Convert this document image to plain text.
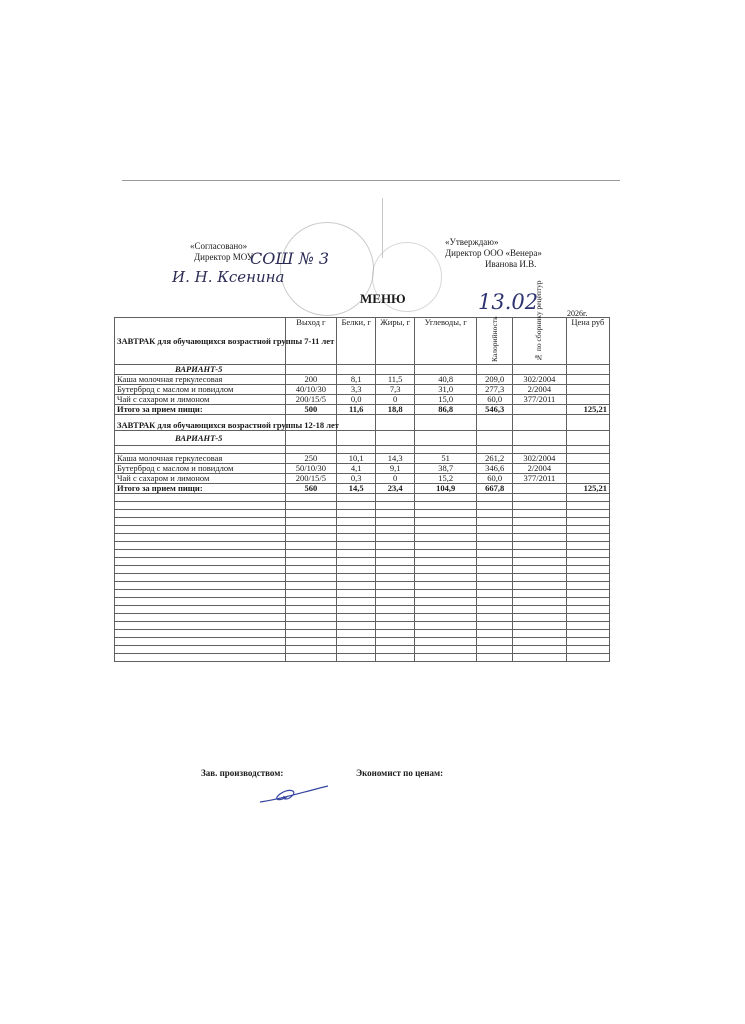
«Согласовано»
Директор МОУ
СОШ № 3
И. Н. Ксенина
«Утверждаю»
Директор ООО «Венера»
Иванова И.В.
МЕНЮ	13.02	2026г.
ЗАВТРАК для обучающихся возрастной группы 7-11 лет	Выход г	Белки, г	Жиры, г	Углеводы, г	Калорийность	№ по сборнику рецептур	Цена руб
ВАРИАНТ-5							
Каша молочная геркулесовая	200	8,1	11,5	40,8	209,0	302/2004	
Бутерброд с маслом и повидлом	40/10/30	3,3	7,3	31,0	277,3	2/2004	
Чай с сахаром и лимоном	200/15/5	0,0	0	15,0	60,0	377/2011	
Итого за прием пищи:	500	11,6	18,8	86,8	546,3		125,21
ЗАВТРАК для обучающихся возрастной группы 12-18 лет							
ВАРИАНТ-5							

Каша молочная геркулесовая	250	10,1	14,3	51	261,2	302/2004	
Бутерброд с маслом и повидлом	50/10/30	4,1	9,1	38,7	346,6	2/2004	
Чай с сахаром и лимоном	200/15/5	0,3	0	15,2	60,0	377/2011	
Итого за прием пищи:	560	14,5	23,4	104,9	667,8		125,21

Зав. производством:	Экономист по ценам:
